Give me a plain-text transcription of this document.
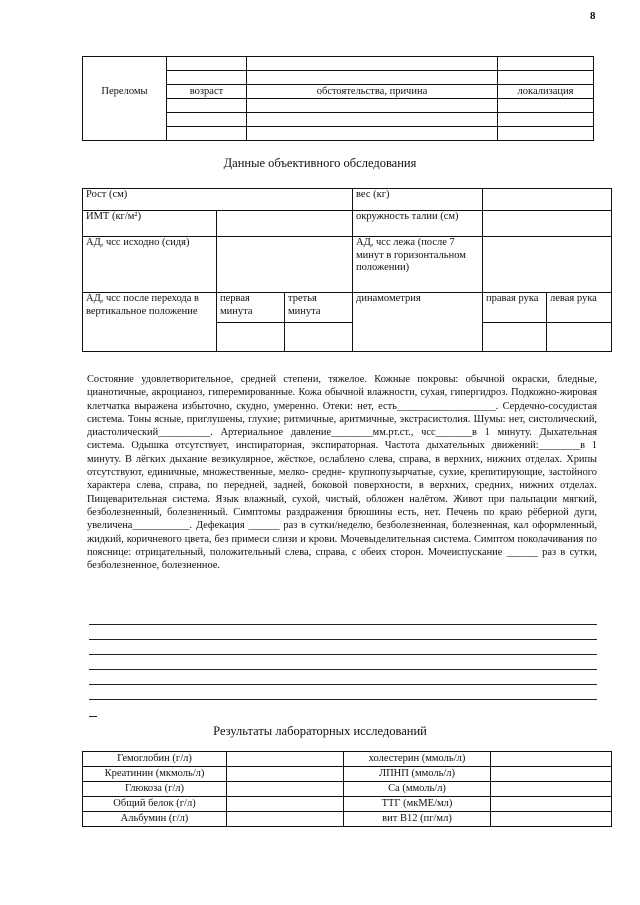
8

Переломы	возраст	обстоятельства, причина	локализация

Данные объективного обследования
Рост (см)			вес (кг)		
ИМТ (кг/м²)			окружность талии (см)		
АД, чсс исходно (сидя)			АД, чсс лежа (после 7 минут в горизонтальном положении)		
АД, чсс после перехода в вертикальное положение	первая минута	третья минута	динамометрия	правая рука	левая рука

Состояние удовлетворительное, средней степени, тяжелое. Кожные покровы: обычной окраски, бледные, цианотичные, акроцианоз, гиперемированные. Кожа обычной влажности, сухая, гипергидроз. Подкожно-жировая клетчатка выражена избыточно, скудно, умеренно. Отеки: нет, есть___________________. Сердечно-сосудистая система. Тоны ясные, приглушены, глухие; ритмичные, аритмичные, экстрасистолия. Шумы: нет, систолический, диастолический__________. Артериальное давление________мм.рт.ст., чсс_______в 1 минуту. Дыхательная система. Одышка отсутствует, инспираторная, экспираторная. Частота дыхательных движений:________в 1 минуту. В лёгких дыхание везикулярное, жёсткое, ослаблено слева, справа, в верхних, нижних отделах. Хрипы отсутствуют, единичные, множественные, мелко- средне- крупнопузырчатые, сухие, крепитирующие, застойного характера слева, справа, по передней, задней, боковой поверхности, в верхних, средних, нижних отделах. Пищеварительная система. Язык влажный, сухой, чистый, обложен налётом. Живот при пальпации мягкий, безболезненный, болезненный. Симптомы раздражения брюшины есть, нет. Печень по краю рёберной дуги, увеличена___________. Дефекация ______ раз в сутки/неделю, безболезненная, болезненная, кал оформленный, жидкий, коричневого цвета, без примеси слизи и крови. Мочевыделительная система. Симптом поколачивания по пояснице: отрицательный, положительный слева, справа, с обеих сторон. Мочеиспускание ______ раз в сутки, безболезненное, болезненное.

Результаты лабораторных исследований
Гемоглобин (г/л)		холестерин (ммоль/л)	
Креатинин (мкмоль/л)		ЛПНП (ммоль/л)	
Глюкоза (г/л)		Ca (ммоль/л)	
Общий белок (г/л)		ТТГ (мкМЕ/мл)	
Альбумин (г/л)		вит B12 (пг/мл)	
